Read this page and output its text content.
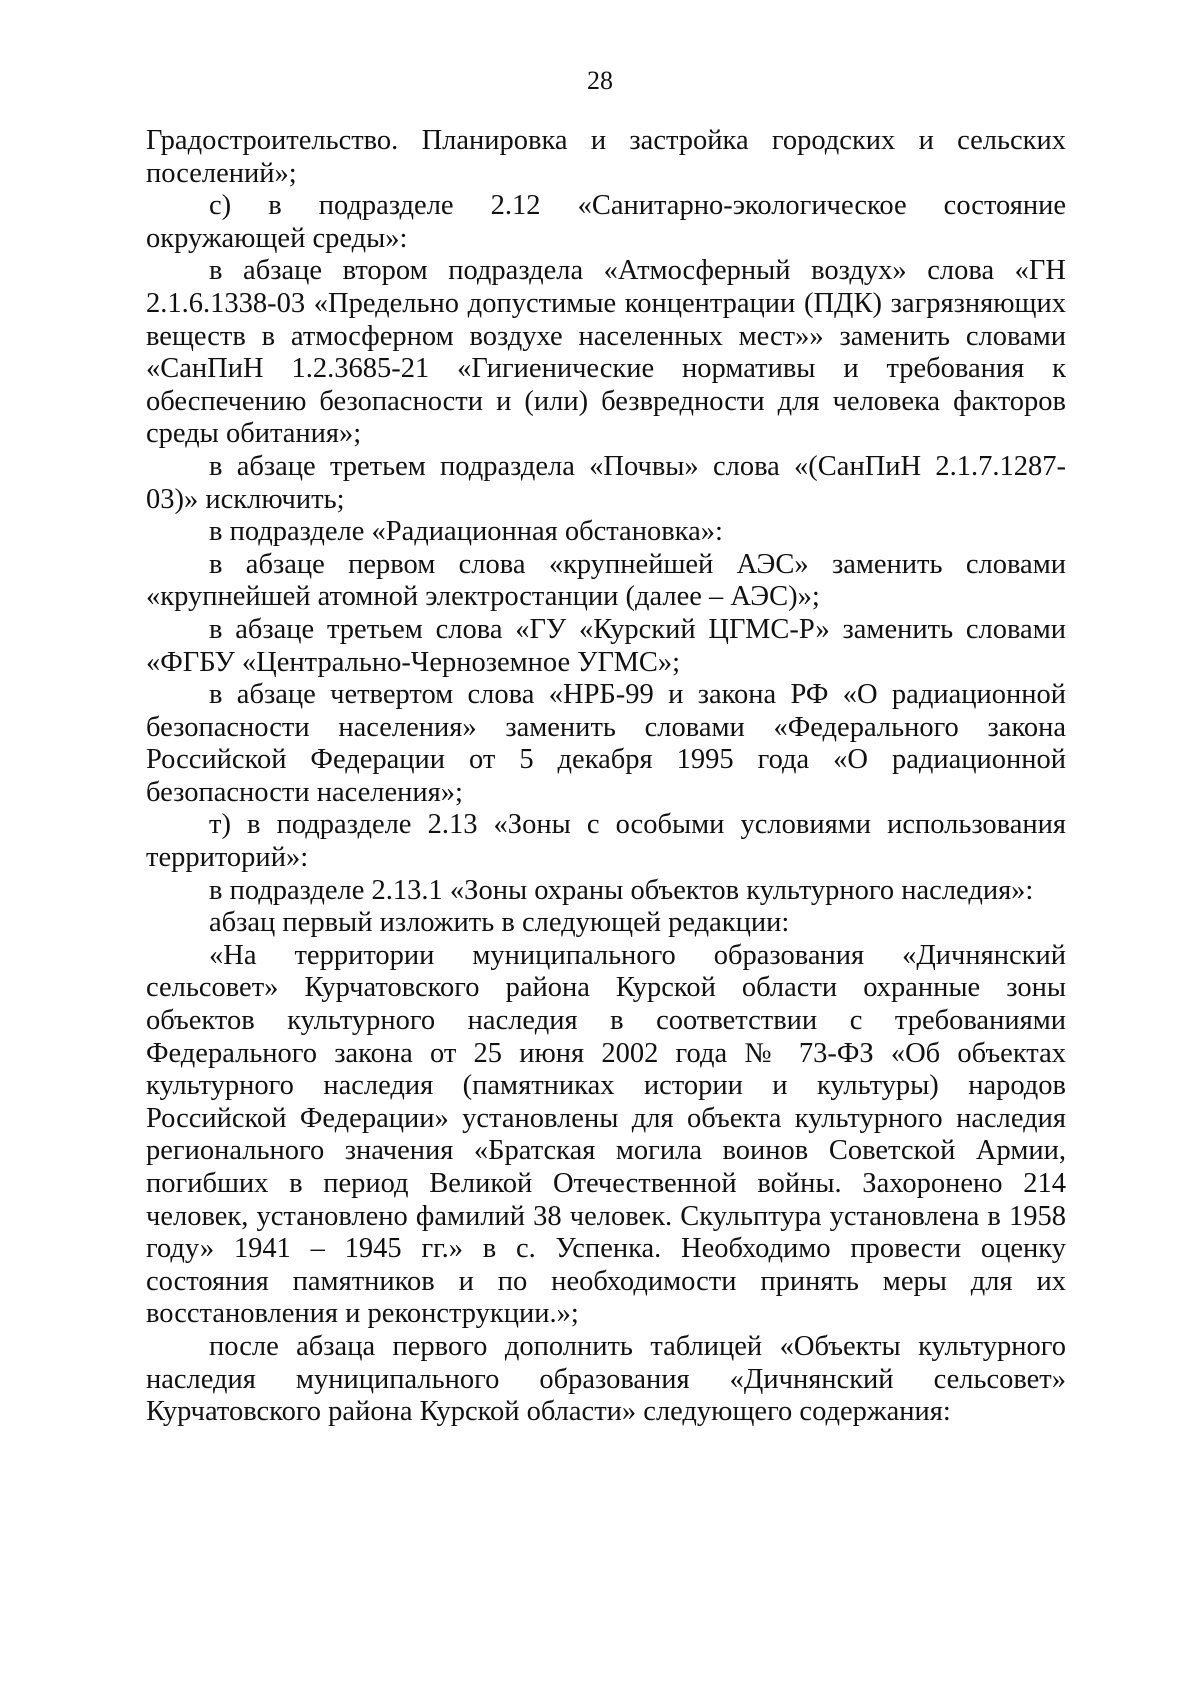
28

Градостроительство. Планировка и застройка городских и сельских поселений»;

с) в подразделе 2.12 «Санитарно-экологическое состояние окружающей среды»:

в абзаце втором подраздела «Атмосферный воздух» слова «ГН 2.1.6.1338-03 «Предельно допустимые концентрации (ПДК) загрязняющих веществ в атмосферном воздухе населенных мест»» заменить словами «СанПиН 1.2.3685-21 «Гигиенические нормативы и требования к обеспечению безопасности и (или) безвредности для человека факторов среды обитания»;

в абзаце третьем подраздела «Почвы» слова «(СанПиН 2.1.7.1287-03)» исключить;

в подразделе «Радиационная обстановка»:

в абзаце первом слова «крупнейшей АЭС» заменить словами «крупнейшей атомной электростанции (далее – АЭС)»;

в абзаце третьем слова «ГУ «Курский ЦГМС-Р» заменить словами «ФГБУ «Центрально-Черноземное УГМС»;

в абзаце четвертом слова «НРБ-99 и закона РФ «О радиационной безопасности населения» заменить словами «Федерального закона Российской Федерации от 5 декабря 1995 года «О радиационной безопасности населения»;

т) в подразделе 2.13 «Зоны с особыми условиями использования территорий»:

в подразделе 2.13.1 «Зоны охраны объектов культурного наследия»:

абзац первый изложить в следующей редакции:

«На территории муниципального образования «Дичнянский сельсовет» Курчатовского района Курской области охранные зоны объектов культурного наследия в соответствии с требованиями Федерального закона от 25 июня 2002 года № 73-ФЗ «Об объектах культурного наследия (памятниках истории и культуры) народов Российской Федерации» установлены для объекта культурного наследия регионального значения «Братская могила воинов Советской Армии, погибших в период Великой Отечественной войны. Захоронено 214 человек, установлено фамилий 38 человек. Скульптура установлена в 1958 году» 1941 – 1945 гг.» в с. Успенка. Необходимо провести оценку состояния памятников и по необходимости принять меры для их восстановления и реконструкции.»;

после абзаца первого дополнить таблицей «Объекты культурного наследия муниципального образования «Дичнянский сельсовет» Курчатовского района Курской области» следующего содержания:
